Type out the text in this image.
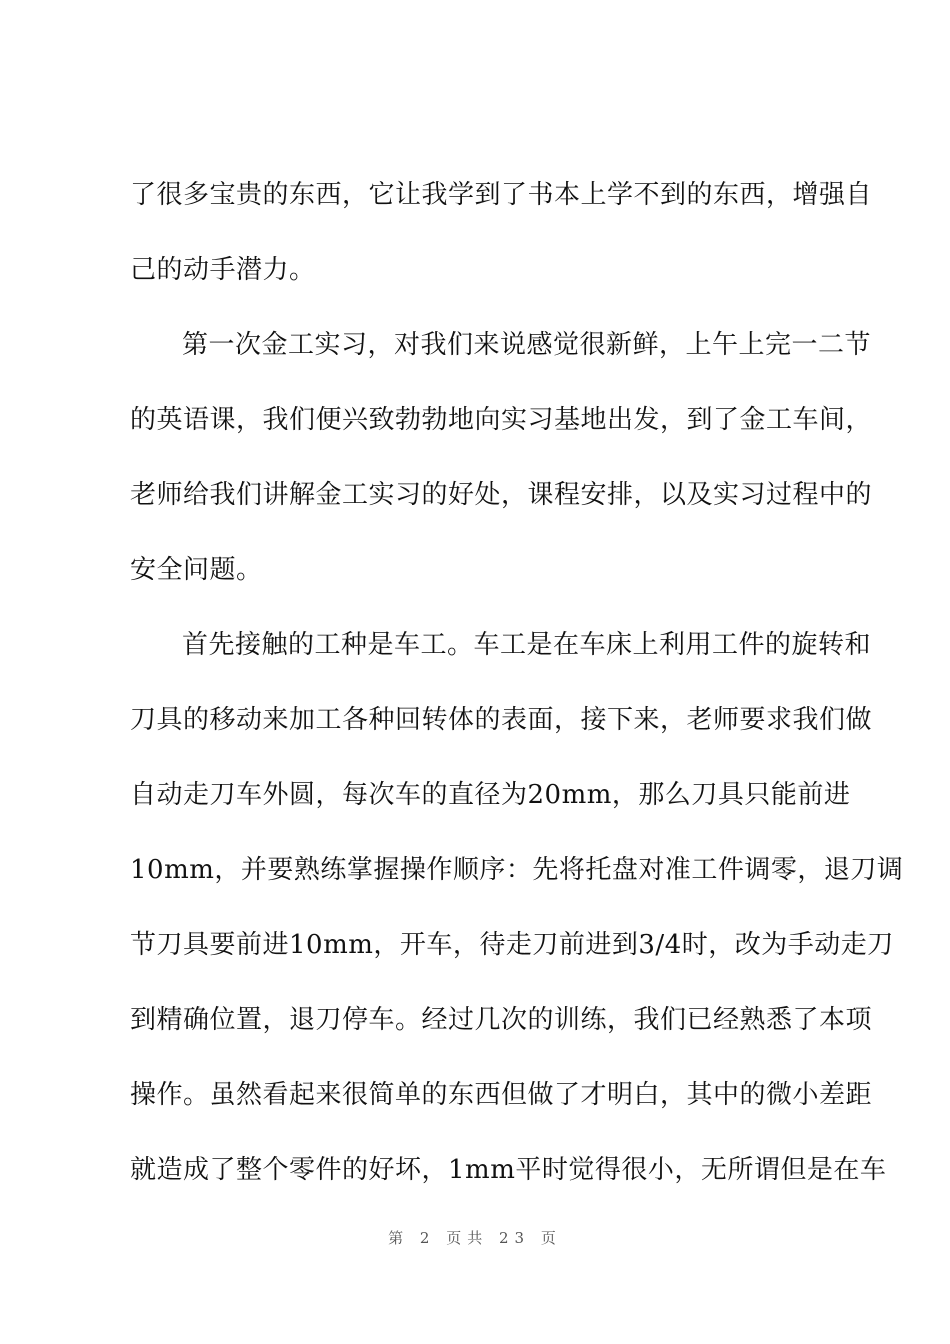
了很多宝贵的东西，它让我学到了书本上学不到的东西，增强自
己的动手潜力。
第一次金工实习，对我们来说感觉很新鲜，上午上完一二节
的英语课，我们便兴致勃勃地向实习基地出发，到了金工车间，
老师给我们讲解金工实习的好处，课程安排，以及实习过程中的
安全问题。
首先接触的工种是车工。车工是在车床上利用工件的旋转和
刀具的移动来加工各种回转体的表面，接下来，老师要求我们做
自动走刀车外圆，每次车的直径为20mm，那么刀具只能前进
10mm，并要熟练掌握操作顺序：先将托盘对准工件调零，退刀调
节刀具要前进10mm，开车，待走刀前进到3/4时，改为手动走刀
到精确位置，退刀停车。经过几次的训练，我们已经熟悉了本项
操作。虽然看起来很简单的东西但做了才明白，其中的微小差距
就造成了整个零件的好坏，1mm平时觉得很小，无所谓但是在车
第 2 页共 23 页
